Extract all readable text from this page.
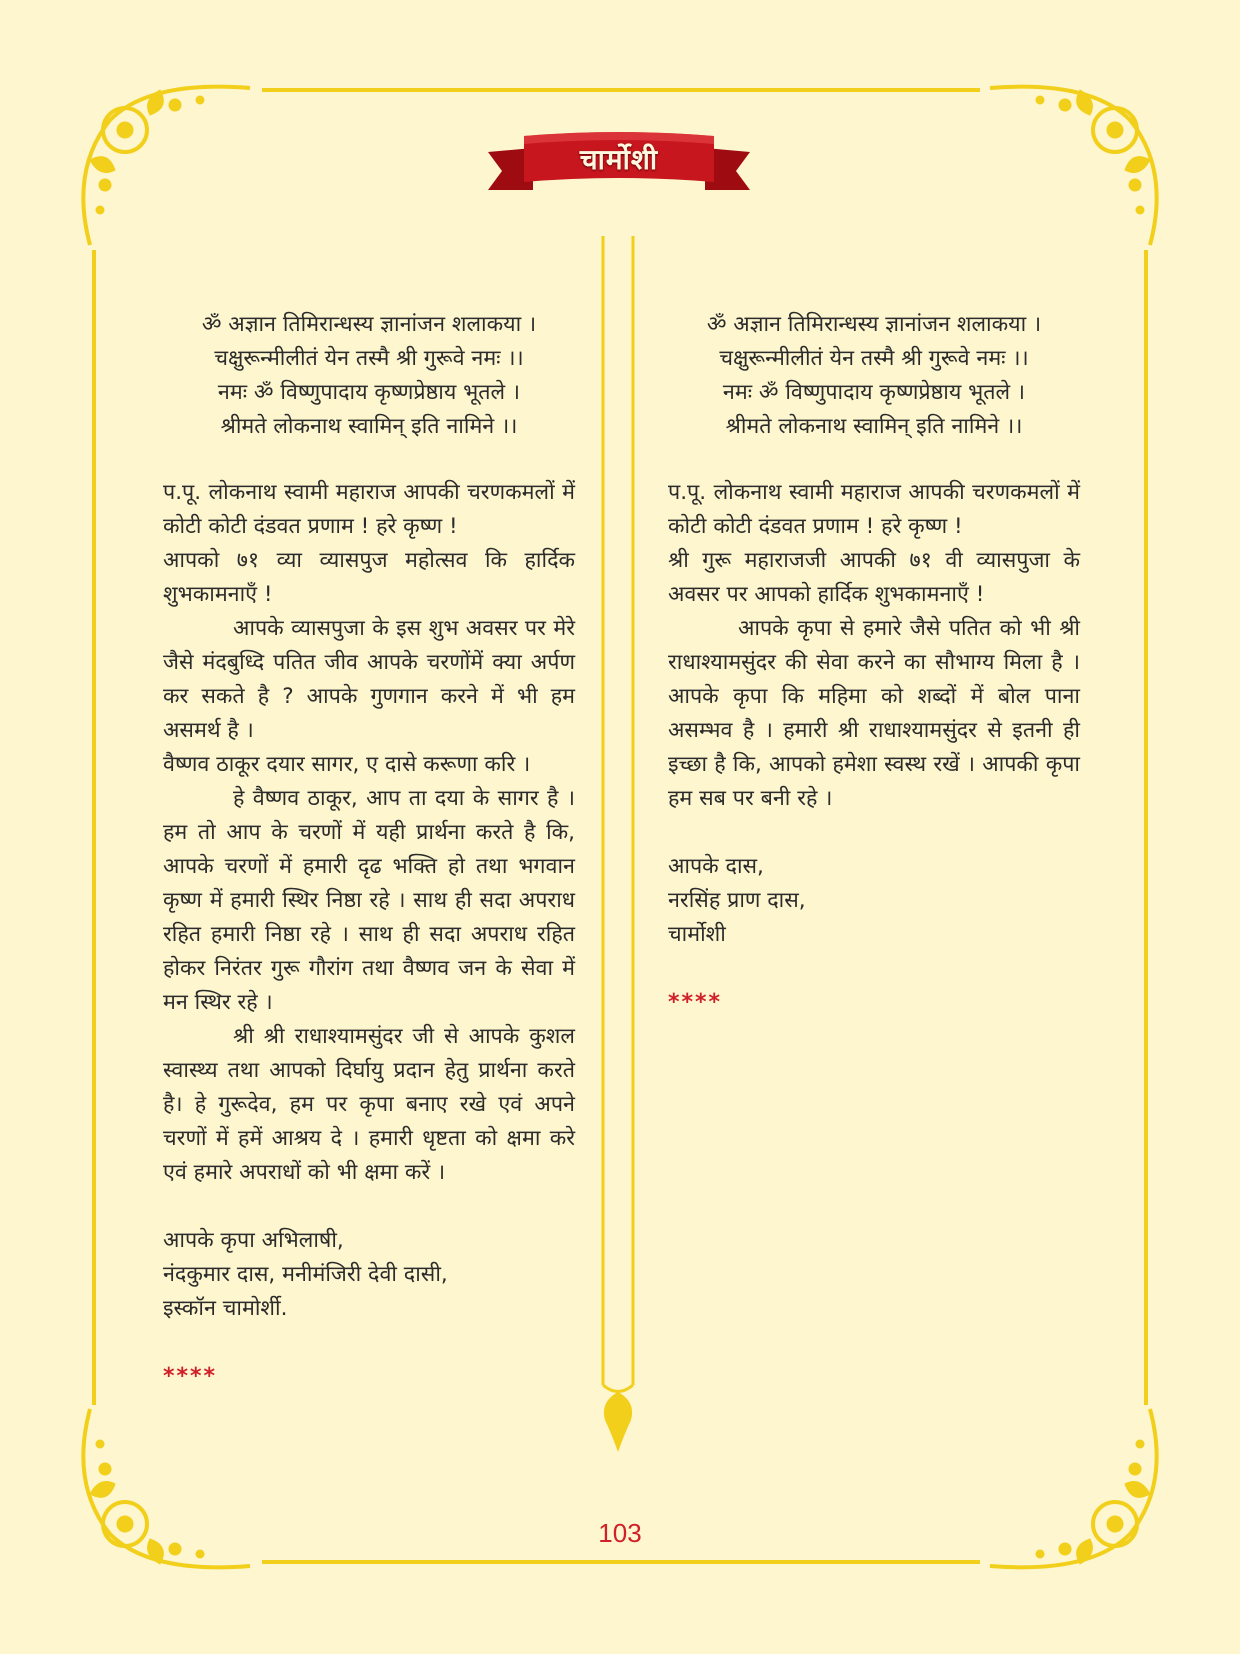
चार्मोशी
ॐ अज्ञान तिमिरान्धस्य ज्ञानांजन शलाकया ।
चक्षुरून्मीलीतं येन तस्मै श्री गुरूवे नमः ।।
नमः ॐ विष्णुपादाय कृष्णप्रेष्ठाय भूतले ।
श्रीमते लोकनाथ स्वामिन् इति नामिने ।।

प.पू. लोकनाथ स्वामी महाराज आपकी चरणकमलों में कोटी कोटी दंडवत प्रणाम ! हरे कृष्ण !

आपको ७१ व्या व्यासपुज महोत्सव कि हार्दिक शुभकामनाएँ !

आपके व्यासपुजा के इस शुभ अवसर पर मेरे जैसे मंदबुध्दि पतित जीव आपके चरणोंमें क्या अर्पण कर सकते है ? आपके गुणगान करने में भी हम असमर्थ है ।

वैष्णव ठाकूर दयार सागर, ए दासे करूणा करि ।

हे वैष्णव ठाकूर, आप ता दया के सागर है । हम तो आप के चरणों में यही प्रार्थना करते है कि, आपके चरणों में हमारी दृढ भक्ति हो तथा भगवान कृष्ण में हमारी स्थिर निष्ठा रहे । साथ ही सदा अपराध रहित हमारी निष्ठा रहे । साथ ही सदा अपराध रहित होकर निरंतर गुरू गौरांग तथा वैष्णव जन के सेवा में मन स्थिर रहे ।

श्री श्री राधाश्यामसुंदर जी से आपके कुशल स्वास्थ्य तथा आपको दिर्घायु प्रदान हेतु प्रार्थना करते है। हे गुरूदेव, हम पर कृपा बनाए रखे एवं अपने चरणों में हमें आश्रय दे । हमारी धृष्टता को क्षमा करे एवं हमारे अपराधों को भी क्षमा करें ।

आपके कृपा अभिलाषी,
नंदकुमार दास, मनीमंजिरी देवी दासी,
इस्कॉन चामोर्शी.
****
ॐ अज्ञान तिमिरान्धस्य ज्ञानांजन शलाकया ।
चक्षुरून्मीलीतं येन तस्मै श्री गुरूवे नमः ।।
नमः ॐ विष्णुपादाय कृष्णप्रेष्ठाय भूतले ।
श्रीमते लोकनाथ स्वामिन् इति नामिने ।।

प.पू. लोकनाथ स्वामी महाराज आपकी चरणकमलों में कोटी कोटी दंडवत प्रणाम ! हरे कृष्ण !

श्री गुरू महाराजजी आपकी ७१ वी व्यासपुजा के अवसर पर आपको हार्दिक शुभकामनाएँ !

आपके कृपा से हमारे जैसे पतित को भी श्री राधाश्यामसुंदर की सेवा करने का सौभाग्य मिला है । आपके कृपा कि महिमा को शब्दों में बोल पाना असम्भव है । हमारी श्री राधाश्यामसुंदर से इतनी ही इच्छा है कि, आपको हमेशा स्वस्थ रखें । आपकी कृपा हम सब पर बनी रहे ।

आपके दास,
नरसिंह प्राण दास,
चार्मोशी
****
103
